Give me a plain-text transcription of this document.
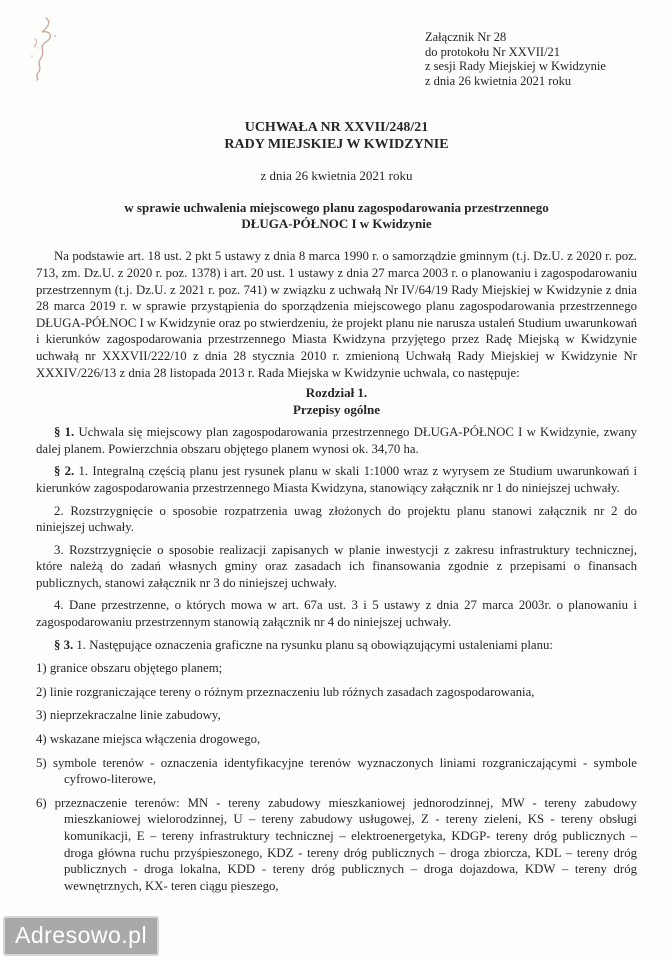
Załącznik Nr 28
do protokołu Nr XXVII/21
z sesji Rady Miejskiej w Kwidzynie
z dnia 26 kwietnia 2021 roku
UCHWAŁA NR XXVII/248/21
RADY MIEJSKIEJ W KWIDZYNIE
z dnia 26 kwietnia 2021 roku
w sprawie uchwalenia miejscowego planu zagospodarowania przestrzennego
DŁUGA-PÓŁNOC I w Kwidzynie

Na podstawie art. 18 ust. 2 pkt 5 ustawy z dnia 8 marca 1990 r. o samorządzie gminnym (t.j. Dz.U. z 2020 r. poz. 713, zm. Dz.U. z 2020 r. poz. 1378) i art. 20 ust. 1 ustawy z dnia 27 marca 2003 r. o planowaniu i zagospodarowaniu przestrzennym (t.j. Dz.U. z 2021 r. poz. 741) w związku z uchwałą Nr IV/64/19 Rady Miejskiej w Kwidzynie z dnia 28 marca 2019 r. w sprawie przystąpienia do sporządzenia miejscowego planu zagospodarowania przestrzennego DŁUGA-PÓŁNOC I w Kwidzynie oraz po stwierdzeniu, że projekt planu nie narusza ustaleń Studium uwarunkowań i kierunków zagospodarowania przestrzennego Miasta Kwidzyna przyjętego przez Radę Miejską w Kwidzynie uchwałą nr XXXVII/222/10 z dnia 28 stycznia 2010 r. zmienioną Uchwałą Rady Miejskiej w Kwidzynie Nr XXXIV/226/13 z dnia 28 listopada 2013 r. Rada Miejska w Kwidzynie uchwala, co następuje:

Rozdział 1.
Przepisy ogólne

§ 1. Uchwala się miejscowy plan zagospodarowania przestrzennego DŁUGA-PÓŁNOC I w Kwidzynie, zwany dalej planem. Powierzchnia obszaru objętego planem wynosi ok. 34,70 ha.

§ 2. 1. Integralną częścią planu jest rysunek planu w skali 1:1000 wraz z wyrysem ze Studium uwarunkowań i kierunków zagospodarowania przestrzennego Miasta Kwidzyna, stanowiący załącznik nr 1 do niniejszej uchwały.

2. Rozstrzygnięcie o sposobie rozpatrzenia uwag złożonych do projektu planu stanowi załącznik nr 2 do niniejszej uchwały.

3. Rozstrzygnięcie o sposobie realizacji zapisanych w planie inwestycji z zakresu infrastruktury technicznej, które należą do zadań własnych gminy oraz zasadach ich finansowania zgodnie z przepisami o finansach publicznych, stanowi załącznik nr 3 do niniejszej uchwały.

4. Dane przestrzenne, o których mowa w art. 67a ust. 3 i 5 ustawy z dnia 27 marca 2003r. o planowaniu i zagospodarowaniu przestrzennym stanowią załącznik nr 4 do niniejszej uchwały.

§ 3. 1. Następujące oznaczenia graficzne na rysunku planu są obowiązującymi ustaleniami planu:

1) granice obszaru objętego planem;
2) linie rozgraniczające tereny o różnym przeznaczeniu lub różnych zasadach zagospodarowania,
3) nieprzekraczalne linie zabudowy,
4) wskazane miejsca włączenia drogowego,
5) symbole terenów - oznaczenia identyfikacyjne terenów wyznaczonych liniami rozgraniczającymi - symbole cyfrowo-literowe,
6) przeznaczenie terenów: MN - tereny zabudowy mieszkaniowej jednorodzinnej, MW - tereny zabudowy mieszkaniowej wielorodzinnej, U – tereny zabudowy usługowej, Z - tereny zieleni, KS - tereny obsługi komunikacji, E – tereny infrastruktury technicznej – elektroenergetyka, KDGP- tereny dróg publicznych – droga główna ruchu przyśpieszonego, KDZ - tereny dróg publicznych – droga zbiorcza, KDL – tereny dróg publicznych - droga lokalna, KDD - tereny dróg publicznych – droga dojazdowa, KDW – tereny dróg wewnętrznych, KX- teren ciągu pieszego,
Adresowo.pl
